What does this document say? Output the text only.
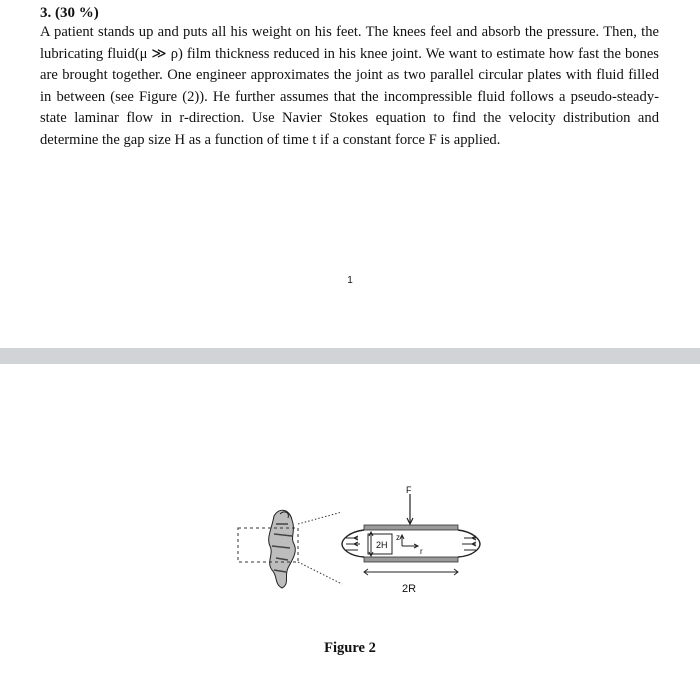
3. (30 %)
A patient stands up and puts all his weight on his feet. The knees feel and absorb the pressure. Then, the lubricating fluid(μ ≫ ρ) film thickness reduced in his knee joint. We want to estimate how fast the bones are brought together. One engineer approximates the joint as two parallel circular plates with fluid filled in between (see Figure (2)). He further assumes that the incompressible fluid follows a pseudo-steady-state laminar flow in r-direction. Use Navier Stokes equation to find the velocity distribution and determine the gap size H as a function of time t if a constant force F is applied.
1
F
2H
z
r
2R
Figure 2
